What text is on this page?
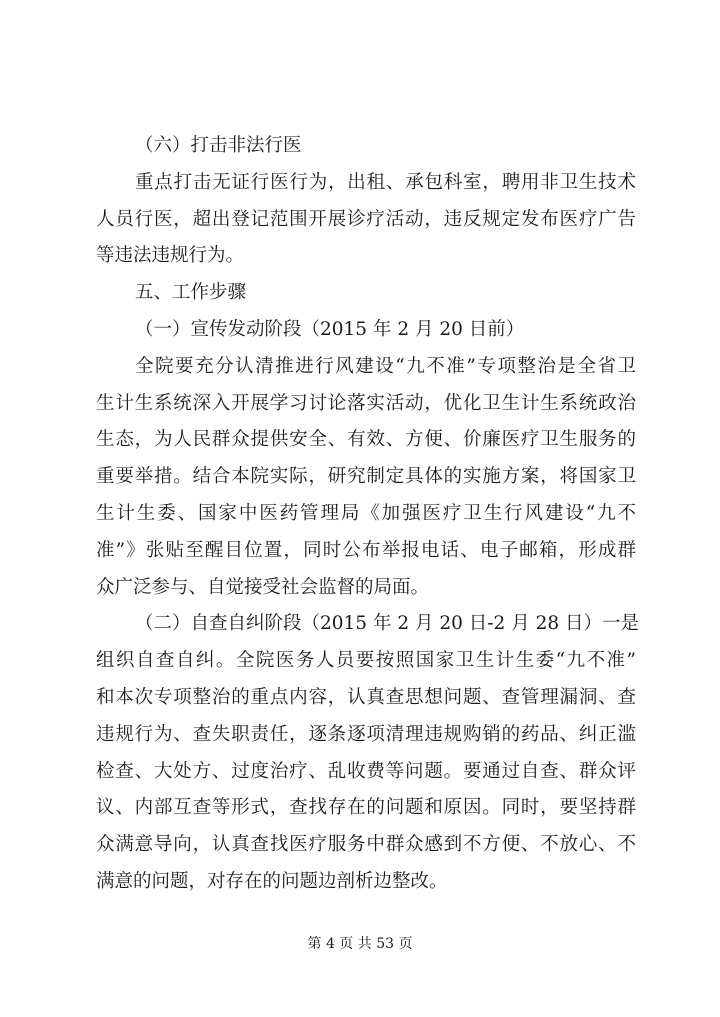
（六）打击非法行医

重点打击无证行医行为，出租、承包科室，聘用非卫生技术
人员行医，超出登记范围开展诊疗活动，违反规定发布医疗广告
等违法违规行为。

五、工作步骤

（一）宣传发动阶段（2015 年 2 月 20 日前）

全院要充分认清推进行风建设“九不准”专项整治是全省卫
生计生系统深入开展学习讨论落实活动，优化卫生计生系统政治
生态，为人民群众提供安全、有效、方便、价廉医疗卫生服务的
重要举措。结合本院实际，研究制定具体的实施方案，将国家卫
生计生委、国家中医药管理局《加强医疗卫生行风建设“九不
准”》张贴至醒目位置，同时公布举报电话、电子邮箱，形成群
众广泛参与、自觉接受社会监督的局面。
（二）自查自纠阶段（2015 年 2 月 20 日-2 月 28 日）一是
组织自查自纠。全院医务人员要按照国家卫生计生委“九不准”
和本次专项整治的重点内容，认真查思想问题、查管理漏洞、查
违规行为、查失职责任，逐条逐项清理违规购销的药品、纠正滥
检查、大处方、过度治疗、乱收费等问题。要通过自查、群众评
议、内部互查等形式，查找存在的问题和原因。同时，要坚持群
众满意导向，认真查找医疗服务中群众感到不方便、不放心、不
满意的问题，对存在的问题边剖析边整改。
第 4 页 共 53 页
